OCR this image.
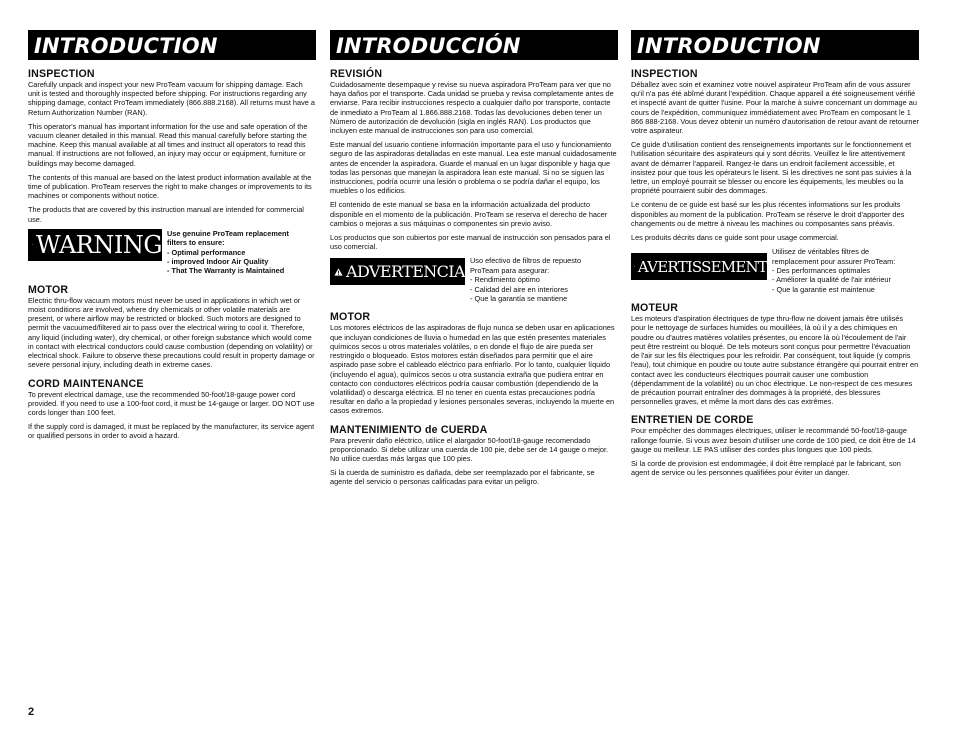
INTRODUCTION
INSPECTION

Carefully unpack and inspect your new ProTeam vacuum for shipping damage. Each unit is tested and thoroughly inspected before shipping. For instructions regarding any shipping damage, contact ProTeam immediately (866.888.2168). All returns must have a Return Authorization Number (RAN).

This operator's manual has important information for the use and safe operation of the vacuum cleaner detailed in this manual. Read this manual carefully before starting the machine. Keep this manual available at all times and instruct all operators to read this manual. If instructions are not followed, an injury may occur or equipment, furniture or buildings may become damaged.

The contents of this manual are based on the latest product information available at the time of publication. ProTeam reserves the right to make changes or improvements to its machines or components without notice.

The products that are covered by this instruction manual are intended for commercial use.

WARNING Use genuine ProTeam replacement
filters to ensure:
- Optimal performance
- improved Indoor Air Quality
- That The Warranty is Maintained
MOTOR

Electric thru-flow vacuum motors must never be used in applications in which wet or moist conditions are involved, where dry chemicals or other volatile materials are present, or where airflow may be restricted or blocked. Such motors are designed to permit the vacuumed/filtered air to pass over the electrical wiring to cool it. Therefore, any liquid (including water), dry chemical, or other foreign substance which would come in contact with electrical conductors could cause combustion (depending on volatility) or electrical shock. Failure to observe these precautions could result in property damage or severe personal injury, including death in extreme cases.

CORD MAINTENANCE

To prevent electrical damage, use the recommended 50-foot/18-gauge power cord provided. If you need to use a 100-foot cord, it must be 14-gauge or larger. DO NOT use cords longer than 100 feet.

If the supply cord is damaged, it must be replaced by the manufacturer, its service agent or qualified persons in order to avoid a hazard.

INTRODUCCIÓN
REVISIÓN

Cuidadosamente desempaque y revise su nueva aspiradora ProTeam para ver que no haya daños por el transporte. Cada unidad se prueba y revisa completamente antes de enviarse. Para recibir instrucciones respecto a cualquier daño por transporte, contacte de inmediato a ProTeam al 1.866.888.2168. Todas las devoluciones deben tener un Número de autorización de devolución (sigla en inglés RAN). Los productos que incluyen este manual de instrucciones son para uso comercial.

Este manual del usuario contiene información importante para el uso y funcionamiento seguro de las aspiradoras detalladas en este manual. Lea este manual cuidadosamente antes de encender la aspiradora. Guarde el manual en un lugar disponible y haga que todas las personas que manejan la aspiradora lean este manual. Si no se siguen las instrucciones, podría ocurrir una lesión o problema o se podría dañar el equipo, los muebles o los edificios.

El contenido de este manual se basa en la información actualizada del producto disponible en el momento de la publicación. ProTeam se reserva el derecho de hacer cambios o mejoras a sus máquinas o componentes sin previo aviso.

Los productos que son cubiertos por este manual de instrucción son pensados para el uso comercial.

ADVERTENCIA
Uso efectivo de filtros de repuesto
ProTeam para asegurar:
- Rendimiento óptimo
- Calidad del aire en interiores
- Que la garantía se mantiene
MOTOR

Los motores eléctricos de las aspiradoras de flujo nunca se deben usar en aplicaciones que incluyan condiciones de lluvia o humedad en las que estén presentes materiales químicos secos u otros materiales volátiles, o en donde el flujo de aire pueda ser restringido o bloqueado. Estos motores están diseñados para permitir que el aire aspirado pase sobre el cableado eléctrico para enfriarlo. Por lo tanto, cualquier líquido (incluyendo el agua), químicos secos u otra sustancia extraña que pudiera entrar en contacto con conductores eléctricos podría causar combustión (dependiendo de la volatilidad) o descarga eléctrica. El no tener en cuenta estas precauciones podría resultar en daño a la propiedad y lesiones personales severas, incluyendo la muerte en casos extremos.

MANTENIMIENTO de CUERDA

Para prevenir daño eléctrico, utilice el alargador 50-foot/18-gauge recomendado proporcionado. Si debe utilizar una cuerda de 100 pie, debe ser de 14 gauge o mejor. No utilice cuerdas más largas que 100 pies.

Si la cuerda de suministro es dañada, debe ser reemplazado por el fabricante, se agente del servicio o personas calificadas para evitar un peligro.

INTRODUCTION
INSPECTION

Déballez avec soin et examinez votre nouvel aspirateur ProTeam afin de vous assurer qu'il n'a pas été abîmé durant l'expédition. Chaque appareil a été soigneusement vérifié et inspecté avant de quitter l'usine. Pour la marche à suivre concernant un dommage au cours de l'expédition, communiquez immédiatement avec ProTeam en composant le 1 866 888-2168. Vous devez obtenir un numéro d'autorisation de retour avant de retourner votre aspirateur.

Ce guide d'utilisation contient des renseignements importants sur le fonctionnement et l'utilisation sécuritaire des aspirateurs qui y sont décrits. Veuillez le lire attentivement avant de démarrer l'appareil. Rangez-le dans un endroit facilement accessible, et insistez pour que tous les opérateurs le lisent. Si les directives ne sont pas suivies à la lettre, un employé pourrait se blesser ou encore les équipements, les meubles ou la propriété pourraient subir des dommages.

Le contenu de ce guide est basé sur les plus récentes informations sur les produits disponibles au moment de la publication. ProTeam se réserve le droit d'apporter des changements ou de mettre à niveau les machines ou composantes sans préavis.

Les produits décrits dans ce guide sont pour usage commercial.

AVERTISSEMENT
Utilisez de véritables filtres de
remplacement pour assurer ProTeam:
- Des performances optimales
- Améliorer la qualité de l'air intérieur
- Que la garantie est maintenue
MOTEUR

Les moteurs d'aspiration électriques de type thru-flow ne doivent jamais être utilisés pour le nettoyage de surfaces humides ou mouillées, là où il y a des chimiques en poudre ou d'autres matières volatiles présentes, ou encore là où l'écoulement de l'air peut être restreint ou bloqué. De tels moteurs sont conçus pour permettre l'évacuation de l'air sur les fils électriques pour les refroidir. Par conséquent, tout liquide (y compris l'eau), tout chimique en poudre ou toute autre substance étrangère qui pourrait entrer en contact avec les conducteurs électriques pourrait causer une combustion (dépendamment de la volatilité) ou un choc électrique. Le non-respect de ces mesures de précaution pourrait entraîner des dommages à la propriété, des blessures personnelles graves, et même la mort dans des cas extrêmes.

ENTRETIEN DE CORDE

Pour empêcher des dommages électriques, utiliser le recommandé 50-foot/18-gauge rallonge fournie. Si vous avez besoin d'utiliser une corde de 100 pied, ce doit être de 14 gauge ou meilleur. LE PAS utiliser des cordes plus longues que 100 pieds.

Si la corde de provision est endommagée, il doit être remplacé par le fabricant, son agent de service ou les personnes qualifiées pour éviter un danger.

2
